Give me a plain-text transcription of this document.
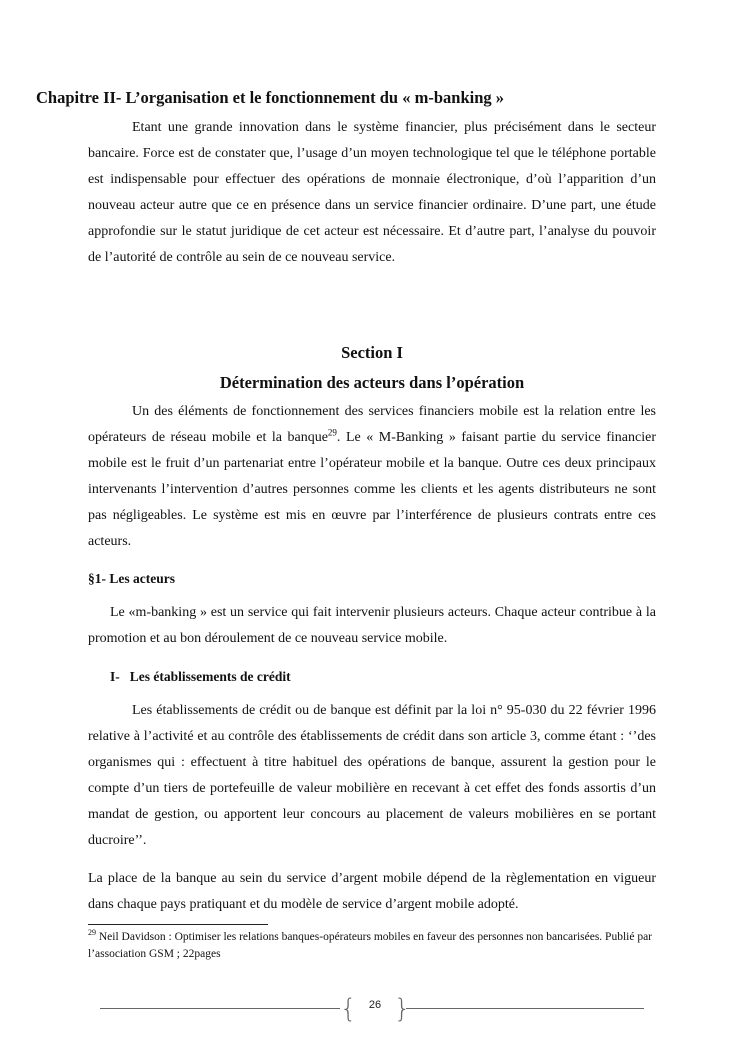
Chapitre II- L’organisation et le fonctionnement du « m-banking »

Etant une grande innovation dans le système financier, plus précisément dans le secteur bancaire. Force est de constater que, l’usage d’un moyen technologique tel que le téléphone portable est indispensable pour effectuer des opérations de monnaie électronique, d’où l’apparition d’un nouveau acteur autre que ce en présence dans un service financier ordinaire. D’une part, une étude approfondie sur le statut juridique de cet acteur est nécessaire. Et d’autre part, l’analyse du pouvoir de l’autorité de contrôle au sein de ce nouveau service.

Section I
Détermination des acteurs dans l’opération

Un des éléments de fonctionnement des services financiers mobile est la relation entre les opérateurs de réseau mobile et la banque$^{29}$. Le « M-Banking » faisant partie du service financier mobile est le fruit d’un partenariat entre l’opérateur mobile et la banque. Outre ces deux principaux intervenants l’intervention d’autres personnes comme les clients et les agents distributeurs ne sont pas négligeables. Le système est mis en œuvre par l’interférence de plusieurs contrats entre ces acteurs.

§1- Les acteurs

Le «m-banking » est un service qui fait intervenir plusieurs acteurs. Chaque acteur contribue à la promotion et au bon déroulement de ce nouveau service mobile.

I- Les établissements de crédit

Les établissements de crédit ou de banque est définit par la loi n° 95-030 du 22 février 1996 relative à l’activité et au contrôle des établissements de crédit dans son article 3, comme étant : ‘’des organismes qui : effectuent à titre habituel des opérations de banque, assurent la gestion pour le compte d’un tiers de portefeuille de valeur mobilière en recevant à cet effet des fonds assortis d’un mandat de gestion, ou apportent leur concours au placement de valeurs mobilières en se portant ducroire’’.

La place de la banque au sein du service d’argent mobile dépend de la règlementation en vigueur dans chaque pays pratiquant et du modèle de service d’argent mobile adopté.

$^{29}$ Neil Davidson : Optimiser les relations banques-opérateurs mobiles en faveur des personnes non bancarisées. Publié par l’association GSM ; 22pages

{	26 }
